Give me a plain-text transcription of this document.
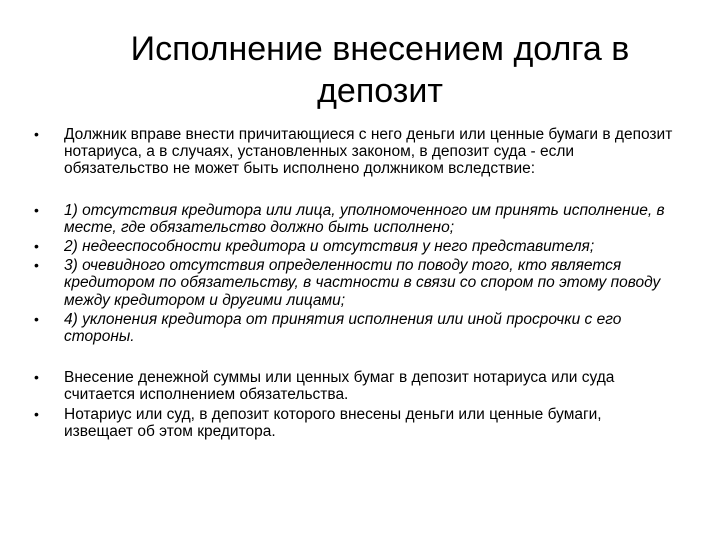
Исполнение внесением долга в
депозит
• Должник вправе внести причитающиеся с него деньги или ценные бумаги в депозит нотариуса, а в случаях, установленных законом, в депозит суда - если обязательство не может быть исполнено должником вследствие:
• 1) отсутствия кредитора или лица, уполномоченного им принять исполнение, в месте, где обязательство должно быть исполнено;
• 2) недееспособности кредитора и отсутствия у него представителя;
• 3) очевидного отсутствия определенности по поводу того, кто является кредитором по обязательству, в частности в связи со спором по этому поводу между кредитором и другими лицами;
• 4) уклонения кредитора от принятия исполнения или иной просрочки с его стороны.
• Внесение денежной суммы или ценных бумаг в депозит нотариуса или суда считается исполнением обязательства.
• Нотариус или суд, в депозит которого внесены деньги или ценные бумаги, извещает об этом кредитора.
